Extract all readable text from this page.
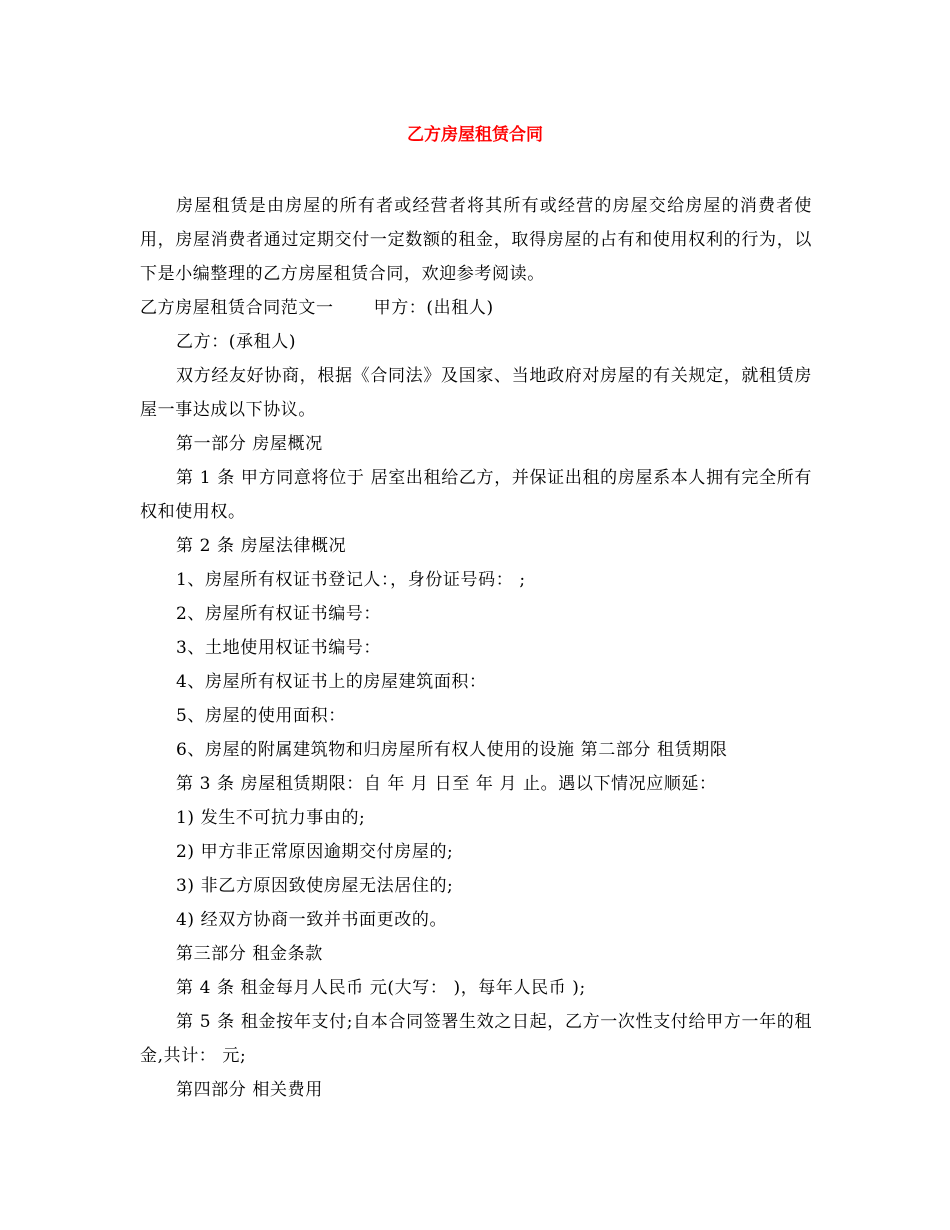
乙方房屋租赁合同

房屋租赁是由房屋的所有者或经营者将其所有或经营的房屋交给房屋的消费者使用，房屋消费者通过定期交付一定数额的租金，取得房屋的占有和使用权利的行为，以下是小编整理的乙方房屋租赁合同，欢迎参考阅读。

乙方房屋租赁合同范文一 甲方：(出租人)

乙方：(承租人)

双方经友好协商，根据《合同法》及国家、当地政府对房屋的有关规定，就租赁房屋一事达成以下协议。

第一部分 房屋概况

第 1 条 甲方同意将位于 居室出租给乙方，并保证出租的房屋系本人拥有完全所有权和使用权。

第 2 条 房屋法律概况

1、房屋所有权证书登记人：，身份证号码： ;

2、房屋所有权证书编号：

3、土地使用权证书编号：

4、房屋所有权证书上的房屋建筑面积：

5、房屋的使用面积：

6、房屋的附属建筑物和归房屋所有权人使用的设施 第二部分 租赁期限

第 3 条 房屋租赁期限：自 年 月 日至 年 月 止。遇以下情况应顺延：

1) 发生不可抗力事由的;

2) 甲方非正常原因逾期交付房屋的;

3) 非乙方原因致使房屋无法居住的;

4) 经双方协商一致并书面更改的。

第三部分 租金条款

第 4 条 租金每月人民币 元(大写： )，每年人民币 );

第 5 条 租金按年支付;自本合同签署生效之日起，乙方一次性支付给甲方一年的租金,共计： 元;

第四部分 相关费用
